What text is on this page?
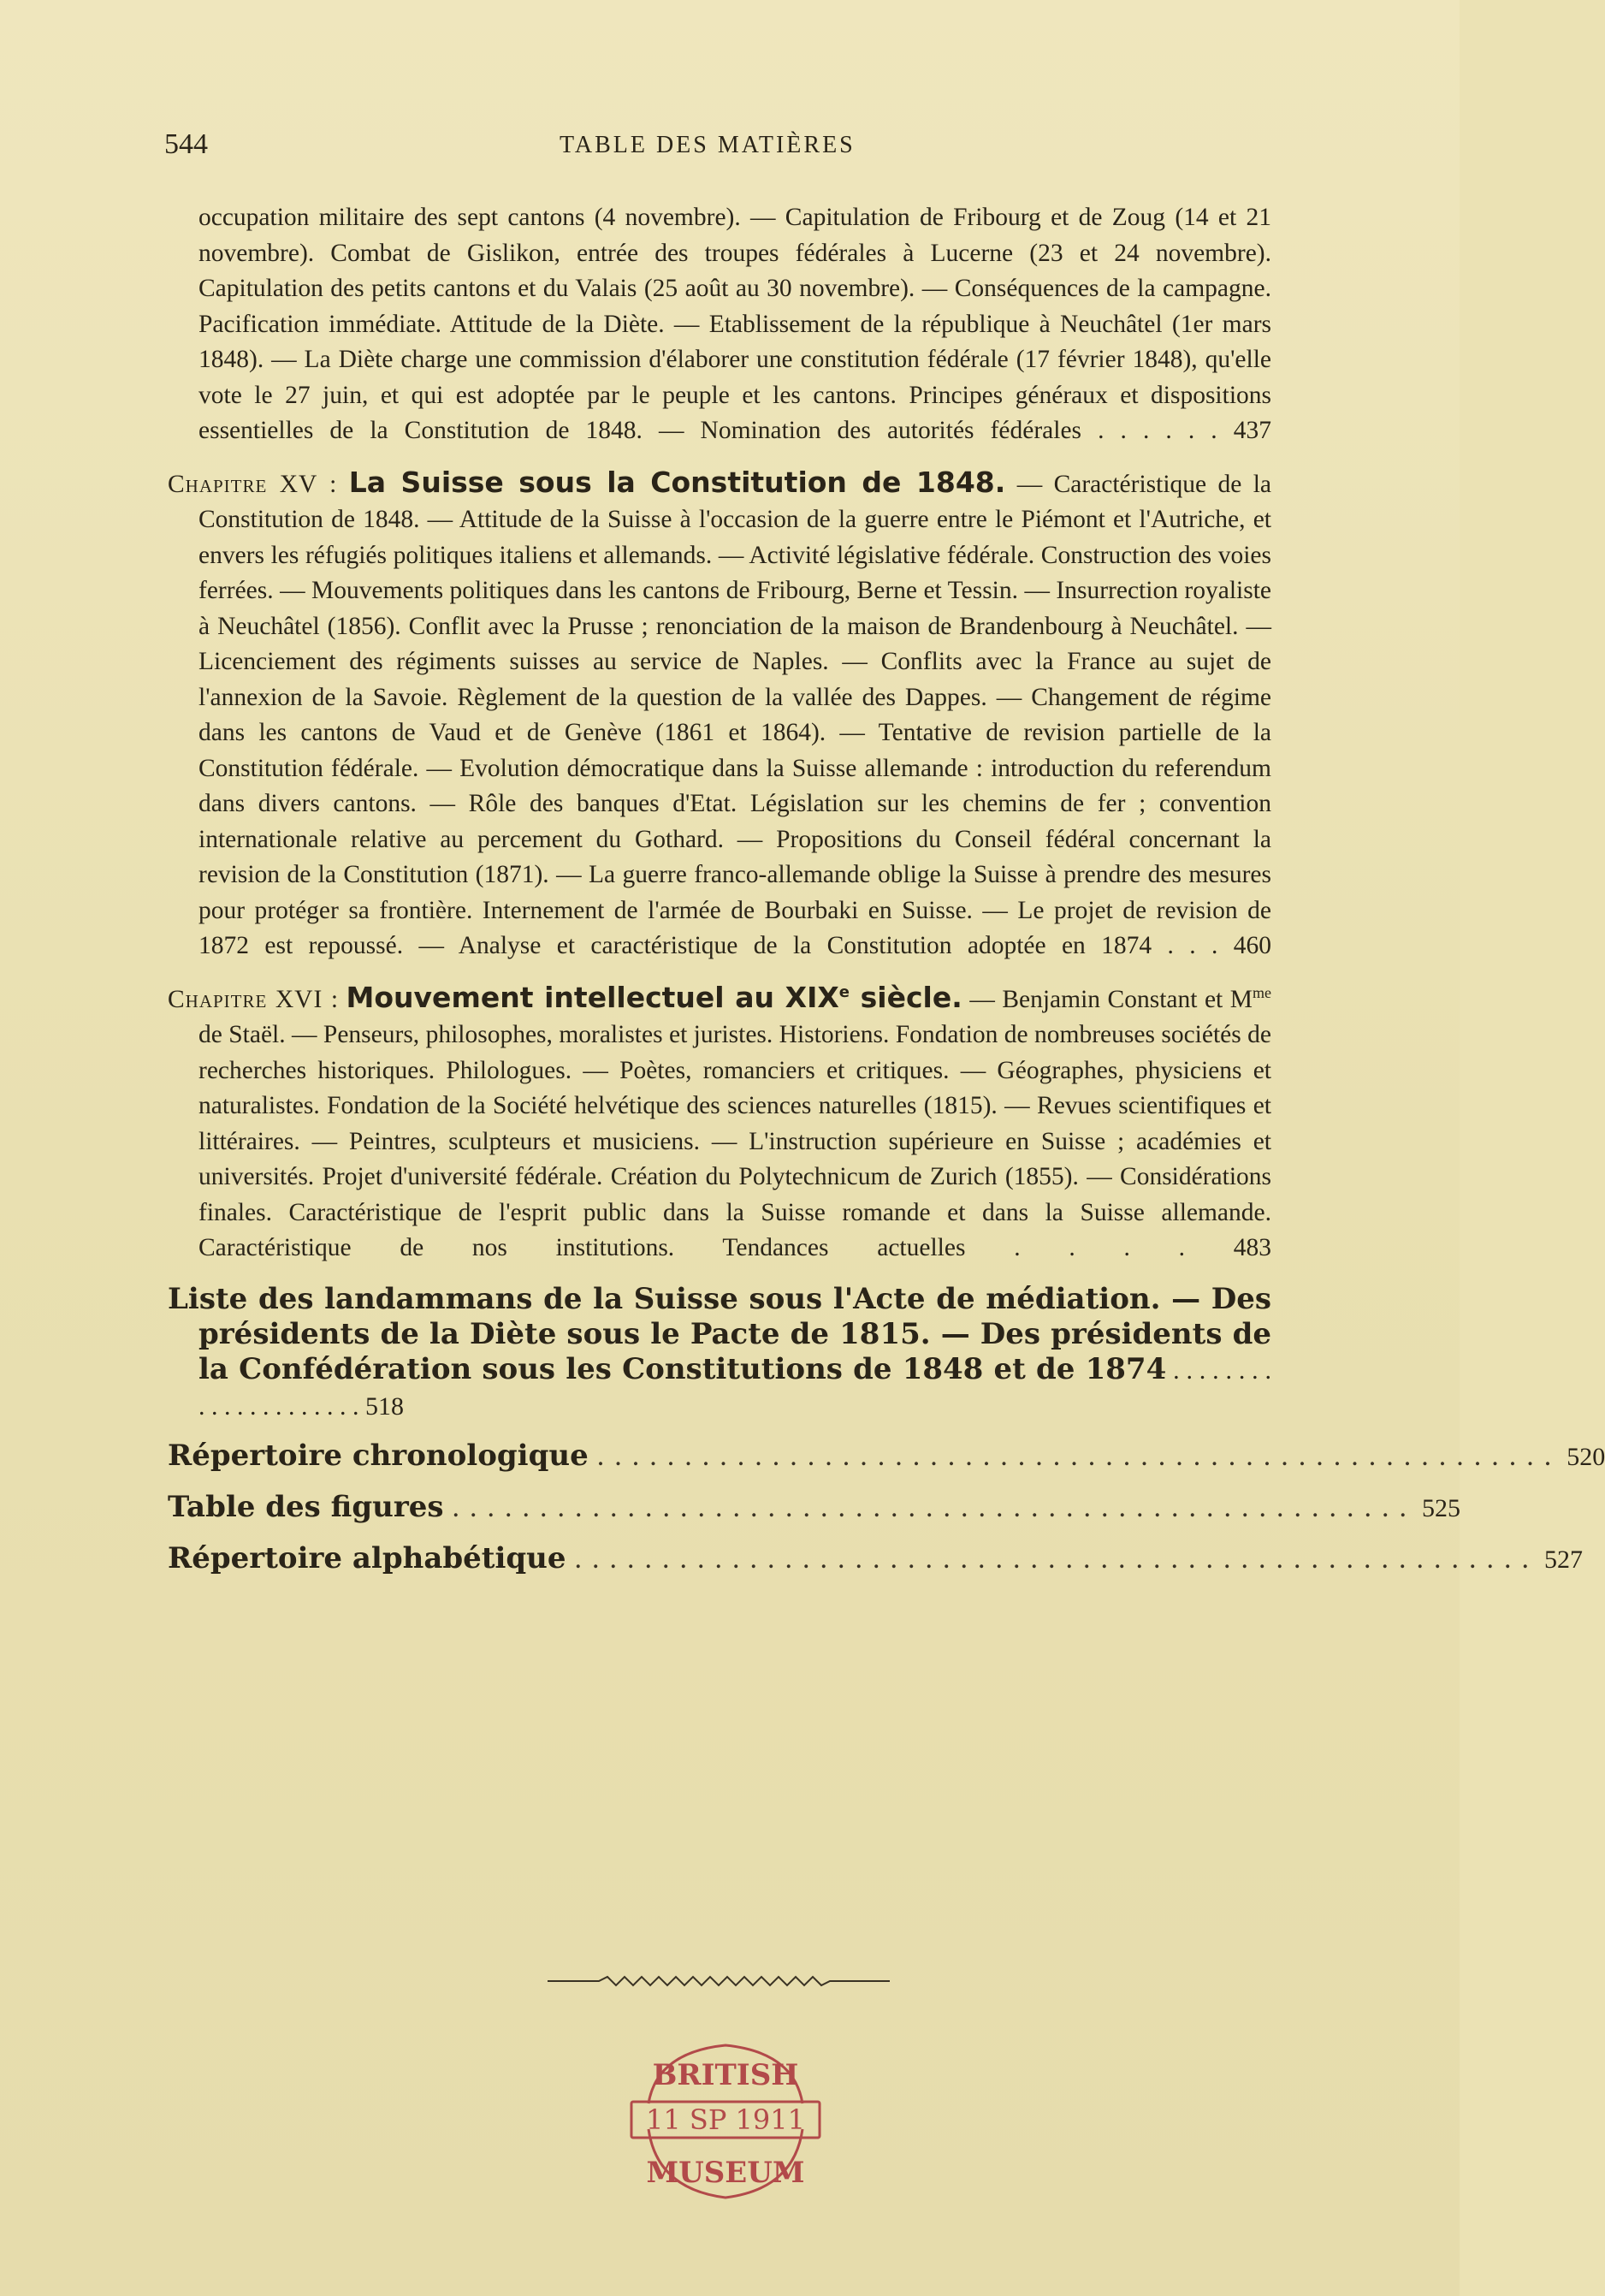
544	TABLE DES MATIÈRES
occupation militaire des sept cantons (4 novembre). — Capitulation de Fribourg et de Zoug (14 et 21 novembre). Combat de Gislikon, entrée des troupes fédérales à Lucerne (23 et 24 novembre). Capitulation des petits cantons et du Valais (25 août au 30 novembre). — Conséquences de la campagne. Pacification immédiate. Attitude de la Diète. — Etablissement de la république à Neuchâtel (1er mars 1848). — La Diète charge une commission d'élaborer une constitution fédérale (17 février 1848), qu'elle vote le 27 juin, et qui est adoptée par le peuple et les cantons. Principes généraux et dispositions essentielles de la Constitution de 1848. — Nomination des autorités fédérales . . . . . . 437
Chapitre XV : La Suisse sous la Constitution de 1848. — Caractéristique de la Constitution de 1848. — Attitude de la Suisse à l'occasion de la guerre entre le Piémont et l'Autriche, et envers les réfugiés politiques italiens et allemands. — Activité législative fédérale. Construction des voies ferrées. — Mouvements politiques dans les cantons de Fribourg, Berne et Tessin. — Insurrection royaliste à Neuchâtel (1856). Conflit avec la Prusse ; renonciation de la maison de Brandenbourg à Neuchâtel. — Licenciement des régiments suisses au service de Naples. — Conflits avec la France au sujet de l'annexion de la Savoie. Règlement de la question de la vallée des Dappes. — Changement de régime dans les cantons de Vaud et de Genève (1861 et 1864). — Tentative de revision partielle de la Constitution fédérale. — Evolution démocratique dans la Suisse allemande : introduction du referendum dans divers cantons. — Rôle des banques d'Etat. Législation sur les chemins de fer ; convention internationale relative au percement du Gothard. — Propositions du Conseil fédéral concernant la revision de la Constitution (1871). — La guerre franco-allemande oblige la Suisse à prendre des mesures pour protéger sa frontière. Internement de l'armée de Bourbaki en Suisse. — Le projet de revision de 1872 est repoussé. — Analyse et caractéristique de la Constitution adoptée en 1874 . . . 460
Chapitre XVI : Mouvement intellectuel au XIXe siècle. — Benjamin Constant et $M^{me}$ de Staël. — Penseurs, philosophes, moralistes et juristes. Historiens. Fondation de nombreuses sociétés de recherches historiques. Philologues. — Poètes, romanciers et critiques. — Géographes, physiciens et naturalistes. Fondation de la Société helvétique des sciences naturelles (1815). — Revues scientifiques et littéraires. — Peintres, sculpteurs et musiciens. — L'instruction supérieure en Suisse ; académies et universités. Projet d'université fédérale. Création du Polytechnicum de Zurich (1855). — Considérations finales. Caractéristique de l'esprit public dans la Suisse romande et dans la Suisse allemande. Caractéristique de nos institutions. Tendances actuelles . . . . 483
Liste des landammans de la Suisse sous l'Acte de médiation. — Des présidents de la Diète sous le Pacte de 1815. — Des présidents de la Confédération sous les Constitutions de 1848 et de 1874 . . . . . . . . . . . . . . . . . . . . . 518
Répertoire chronologique ....................................................... 520
Table des figures ....................................................... 525
Répertoire alphabétique ....................................................... 527
BRITISH
11 SP 1911
MUSEUM
